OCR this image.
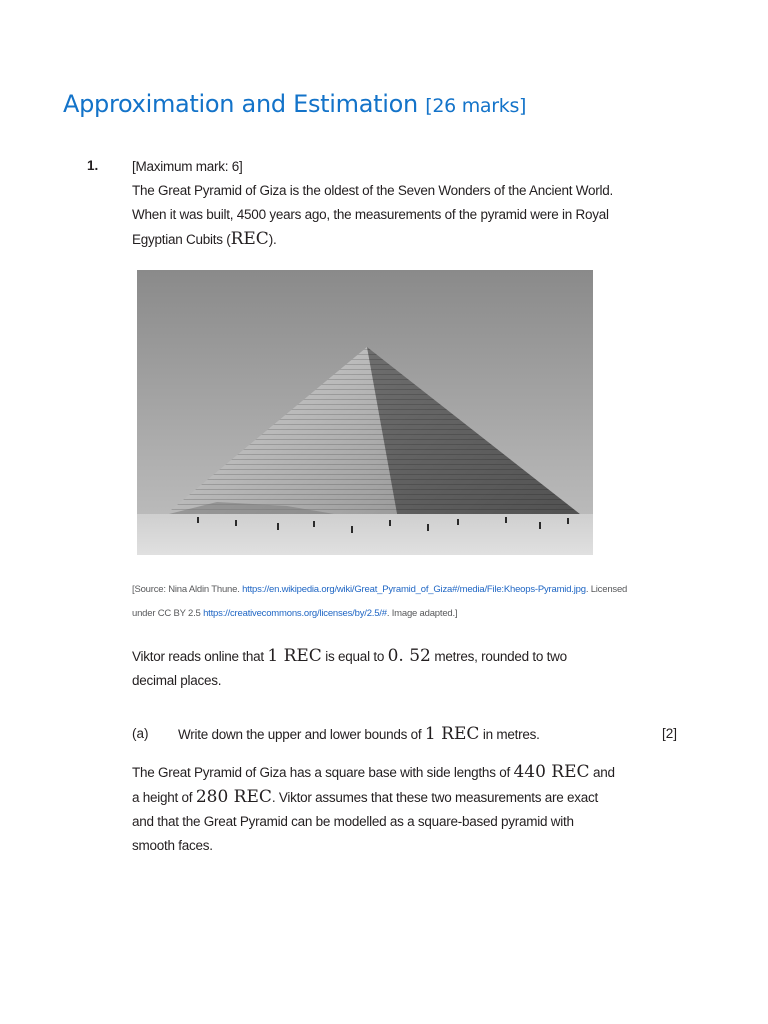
Approximation and Estimation [26 marks]
1. [Maximum mark: 6]

The Great Pyramid of Giza is the oldest of the Seven Wonders of the Ancient World. When it was built, 4500 years ago, the measurements of the pyramid were in Royal Egyptian Cubits (REC).

[Source: Nina Aldin Thune. https://en.wikipedia.org/wiki/Great_Pyramid_of_Giza#/media/File:Kheops-Pyramid.jpg. Licensed under CC BY 2.5 https://creativecommons.org/licenses/by/2.5/#. Image adapted.]

Viktor reads online that 1 REC is equal to 0. 52 metres, rounded to two decimal places.

(a) Write down the upper and lower bounds of 1 REC in metres.	[2]

The Great Pyramid of Giza has a square base with side lengths of 440 REC and a height of 280 REC. Viktor assumes that these two measurements are exact and that the Great Pyramid can be modelled as a square-based pyramid with smooth faces.
